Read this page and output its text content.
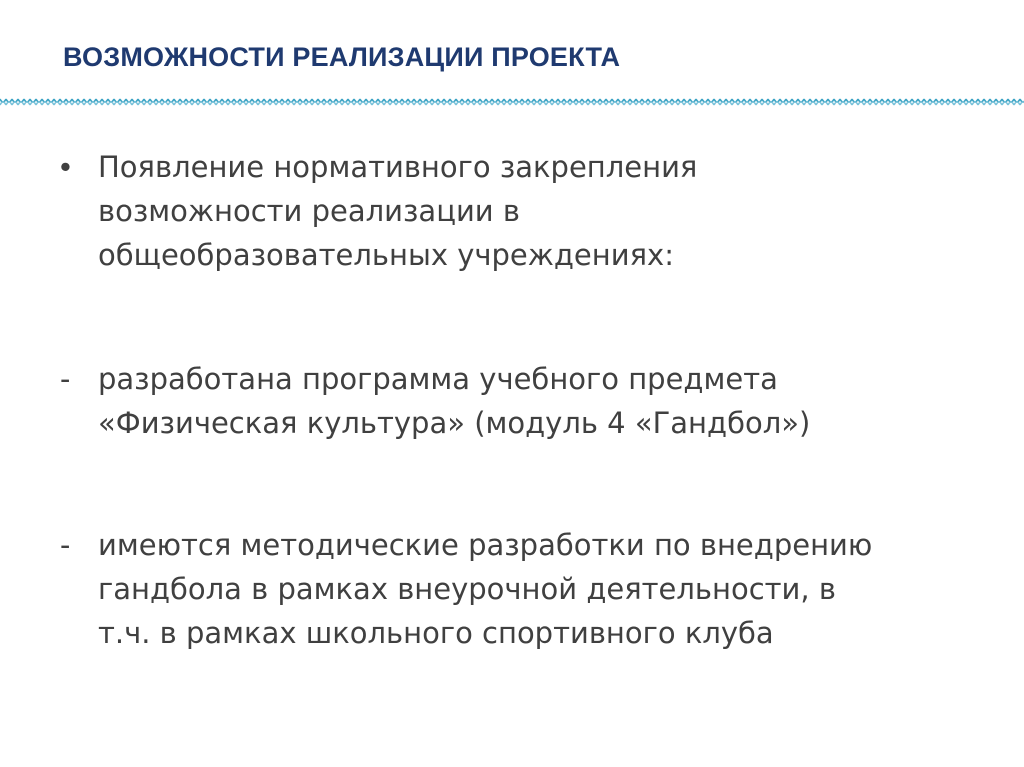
ВОЗМОЖНОСТИ РЕАЛИЗАЦИИ ПРОЕКТА
• Появление нормативного закрепления
возможности реализации в
общеобразовательных учреждениях:
- разработана программа учебного предмета
«Физическая культура» (модуль 4 «Гандбол»)
- имеются методические разработки по внедрению
гандбола в рамках внеурочной деятельности, в
т.ч. в рамках школьного спортивного клуба
